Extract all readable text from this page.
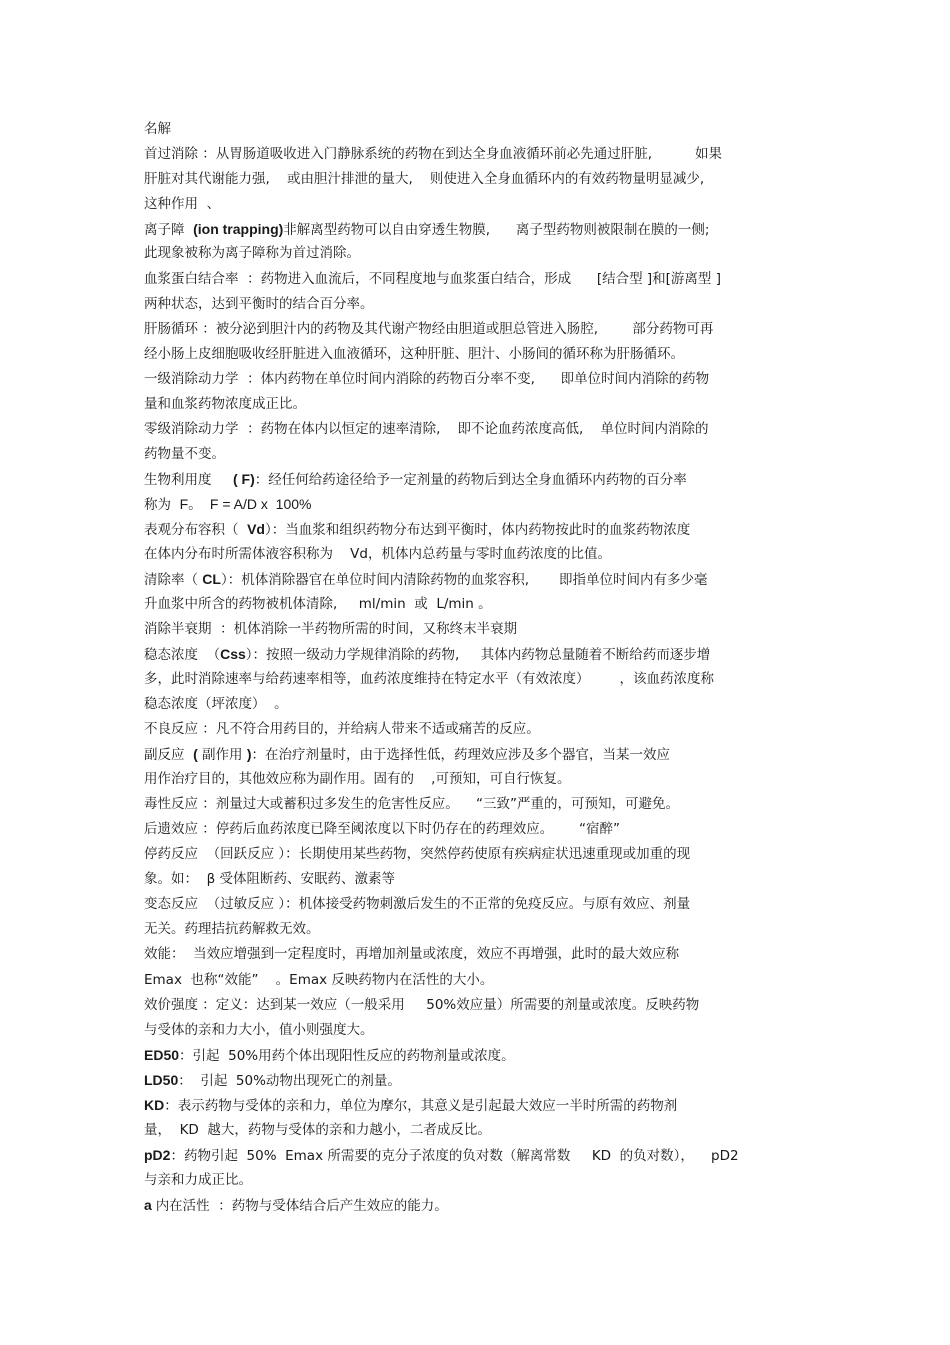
名解
首过消除 ：从胃肠道吸收进入门静脉系统的药物在到达全身血液循环前必先通过肝脏,          如果
肝脏对其代谢能力强,    或由胆汁排泄的量大,    则使进入全身血循环内的有效药物量明显减少,
这种作用  、
离子障  (ion trapping)非解离型药物可以自由穿透生物膜,      离子型药物则被限制在膜的一侧;
此现象被称为离子障称为首过消除。
血浆蛋白结合率  ：药物进入血流后，不同程度地与血浆蛋白结合，形成      [结合型 ]和[游离型 ]
两种状态，达到平衡时的结合百分率。
肝肠循环 ：被分泌到胆汁内的药物及其代谢产物经由胆道或胆总管进入肠腔,        部分药物可再
经小肠上皮细胞吸收经肝脏进入血液循环，这种肝脏、胆汁、小肠间的循环称为肝肠循环。
一级消除动力学  ：体内药物在单位时间内消除的药物百分率不变,      即单位时间内消除的药物
量和血浆药物浓度成正比。
零级消除动力学  ：药物在体内以恒定的速率清除,    即不论血药浓度高低,    单位时间内消除的
药物量不变。
生物利用度     ( F)：经任何给药途径给予一定剂量的药物后到达全身血循环内药物的百分率
称为  F。  F = A/D x  100%
表观分布容积（  Vd）：当血浆和组织药物分布达到平衡时，体内药物按此时的血浆药物浓度
在体内分布时所需体液容积称为    Vd，机体内总药量与零时血药浓度的比值。
清除率（ CL）：机体消除器官在单位时间内清除药物的血浆容积,       即指单位时间内有多少毫
升血浆中所含的药物被机体清除,     ml/min  或  L/min 。
消除半衰期  ：机体消除一半药物所需的时间，又称终末半衰期
稳态浓度  （Css）：按照一级动力学规律消除的药物,     其体内药物总量随着不断给药而逐步增
多，此时消除速率与给药速率相等，血药浓度维持在特定水平（有效浓度）       ，该血药浓度称
稳态浓度（坪浓度）  。
不良反应 ：凡不符合用药目的，并给病人带来不适或痛苦的反应。
副反应  ( 副作用 )：在治疗剂量时，由于选择性低，药理效应涉及多个器官，当某一效应
用作治疗目的，其他效应称为副作用。固有的    ,可预知，可自行恢复。
毒性反应 ：剂量过大或蓄积过多发生的危害性反应。    “三致”严重的，可预知，可避免。
后遗效应 ：停药后血药浓度已降至阈浓度以下时仍存在的药理效应。      “宿醉”
停药反应  （回跃反应 ）：长期使用某些药物，突然停药使原有疾病症状迅速重现或加重的现
象。如：  β 受体阻断药、安眠药、激素等
变态反应  （过敏反应 ）：机体接受药物刺激后发生的不正常的免疫反应。与原有效应、剂量
无关。药理拮抗药解救无效。
效能：  当效应增强到一定程度时，再增加剂量或浓度，效应不再增强，此时的最大效应称
Emax  也称“效能”    。Emax 反映药物内在活性的大小。
效价强度 ：定义：达到某一效应（一般采用     50%效应量）所需要的剂量或浓度。反映药物
与受体的亲和力大小，值小则强度大。
ED50：引起  50%用药个体出现阳性反应的药物剂量或浓度。
LD50：  引起  50%动物出现死亡的剂量。
KD：表示药物与受体的亲和力，单位为摩尔，其意义是引起最大效应一半时所需的药物剂
量，  KD  越大，药物与受体的亲和力越小，二者成反比。
pD2：药物引起  50%  Emax 所需要的克分子浓度的负对数（解离常数     KD  的负对数），    pD2
与亲和力成正比。
a 内在活性  ：药物与受体结合后产生效应的能力。
